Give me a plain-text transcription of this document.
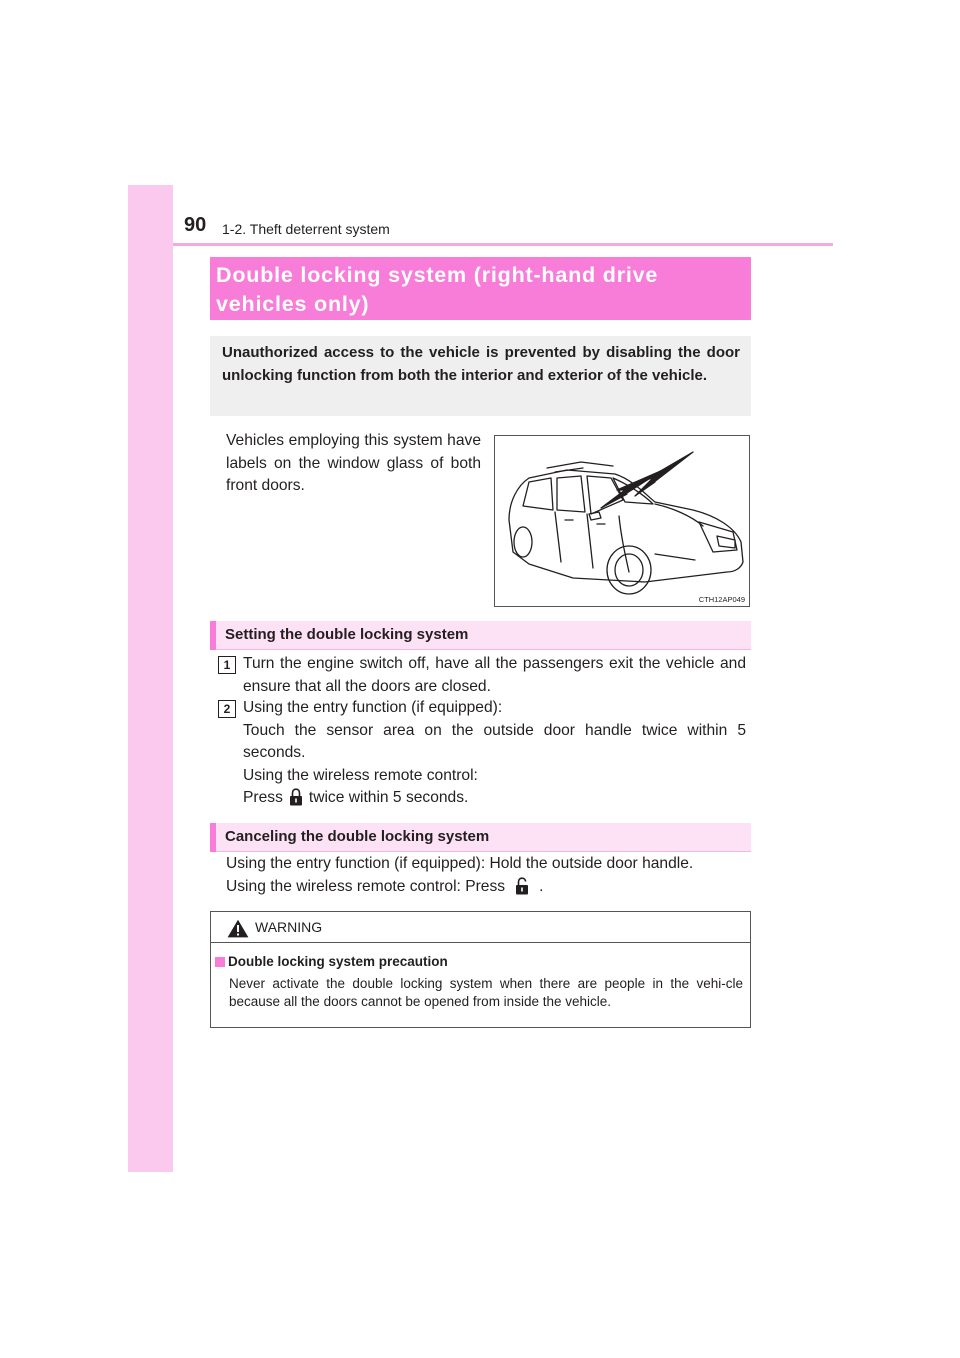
90 1-2. Theft deterrent system
Double locking system (right-hand drive
vehicles only)
Unauthorized access to the vehicle is prevented by disabling the door unlocking function from both the interior and exterior of the vehicle.
Vehicles employing this system have labels on the window glass of both front doors.
CTH12AP049
Setting the double locking system
1 Turn the engine switch off, have all the passengers exit the vehicle and ensure that all the doors are closed.
2 Using the entry function (if equipped):
Touch the sensor area on the outside door handle twice within 5 seconds.
Using the wireless remote control:
Press twice within 5 seconds.
Canceling the double locking system
Using the entry function (if equipped): Hold the outside door handle.
Using the wireless remote control: Press .
WARNING
Double locking system precaution
Never activate the double locking system when there are people in the vehi-cle because all the doors cannot be opened from inside the vehicle.
